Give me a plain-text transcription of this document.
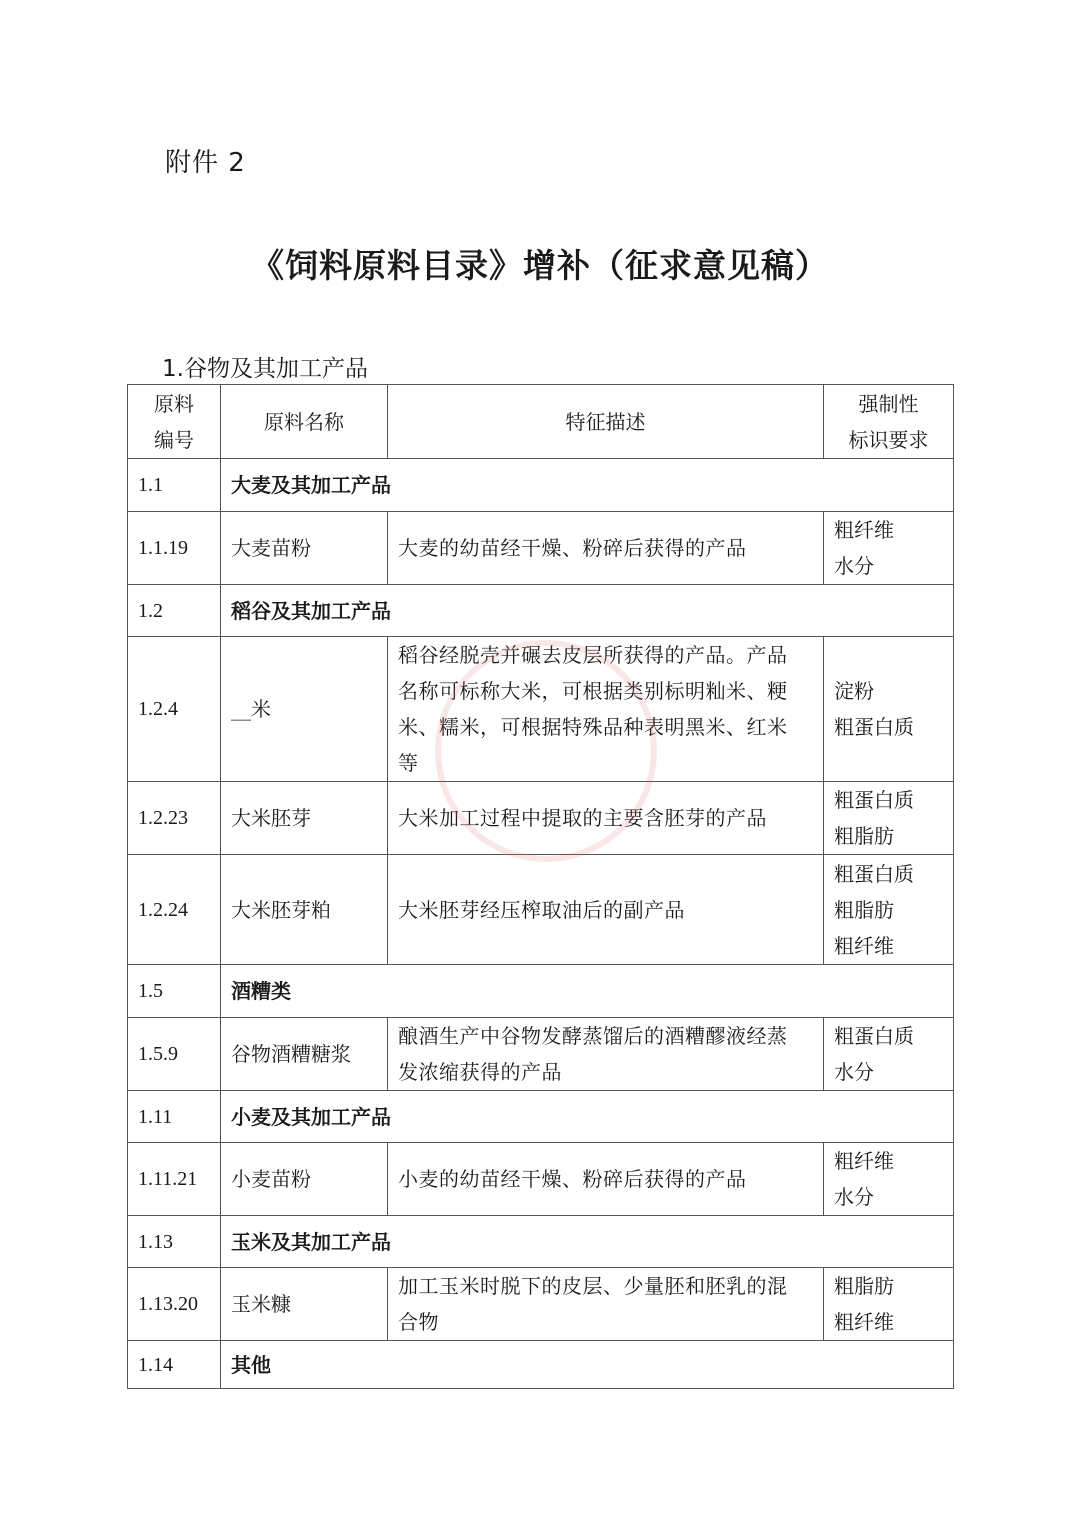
附件 2
《饲料原料目录》增补（征求意见稿）
1.谷物及其加工产品
原料
编号	原料名称	特征描述	强制性
标识要求

1.1	大麦及其加工产品		
1.1.19	大麦苗粉	大麦的幼苗经干燥、粉碎后获得的产品	粗纤维
水分

1.2	稻谷及其加工产品		
1.2.4	__米	稻谷经脱壳并碾去皮层所获得的产品。产品
名称可标称大米，可根据类别标明籼米、粳
米、糯米，可根据特殊品种表明黑米、红米
等	淀粉
粗蛋白质

1.2.23	大米胚芽	大米加工过程中提取的主要含胚芽的产品	粗蛋白质
粗脂肪

1.2.24	大米胚芽粕	大米胚芽经压榨取油后的副产品	粗蛋白质
粗脂肪
粗纤维

1.5	酒糟类		
1.5.9	谷物酒糟糖浆	酿酒生产中谷物发酵蒸馏后的酒糟醪液经蒸
发浓缩获得的产品	粗蛋白质
水分

1.11	小麦及其加工产品		
1.11.21	小麦苗粉	小麦的幼苗经干燥、粉碎后获得的产品	粗纤维
水分

1.13	玉米及其加工产品		
1.13.20	玉米糠	加工玉米时脱下的皮层、少量胚和胚乳的混
合物	粗脂肪
粗纤维

1.14	其他		
